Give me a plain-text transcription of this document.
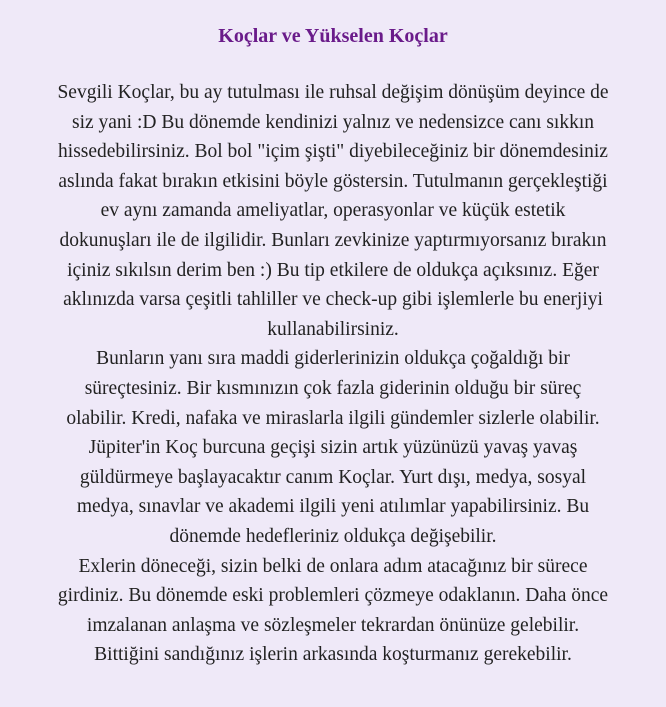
Koçlar ve Yükselen Koçlar

Sevgili Koçlar, bu ay tutulması ile ruhsal değişim dönüşüm deyince de

siz yani :D Bu dönemde kendinizi yalnız ve nedensizce canı sıkkın

hissedebilirsiniz. Bol bol "içim şişti" diyebileceğiniz bir dönemdesiniz

aslında fakat bırakın etkisini böyle göstersin. Tutulmanın gerçekleştiği

ev aynı zamanda ameliyatlar, operasyonlar ve küçük estetik

dokunuşları ile de ilgilidir. Bunları zevkinize yaptırmıyorsanız bırakın

içiniz sıkılsın derim ben :) Bu tip etkilere de oldukça açıksınız. Eğer

aklınızda varsa çeşitli tahliller ve check-up gibi işlemlerle bu enerjiyi

kullanabilirsiniz.

Bunların yanı sıra maddi giderlerinizin oldukça çoğaldığı bir

süreçtesiniz. Bir kısmınızın çok fazla giderinin olduğu bir süreç

olabilir. Kredi, nafaka ve miraslarla ilgili gündemler sizlerle olabilir.

Jüpiter'in Koç burcuna geçişi sizin artık yüzünüzü yavaş yavaş

güldürmeye başlayacaktır canım Koçlar. Yurt dışı, medya, sosyal

medya, sınavlar ve akademi ilgili yeni atılımlar yapabilirsiniz. Bu

dönemde hedefleriniz oldukça değişebilir.

Exlerin döneceği, sizin belki de onlara adım atacağınız bir sürece

girdiniz. Bu dönemde eski problemleri çözmeye odaklanın. Daha önce

imzalanan anlaşma ve sözleşmeler tekrardan önünüze gelebilir.

Bittiğini sandığınız işlerin arkasında koşturmanız gerekebilir.
